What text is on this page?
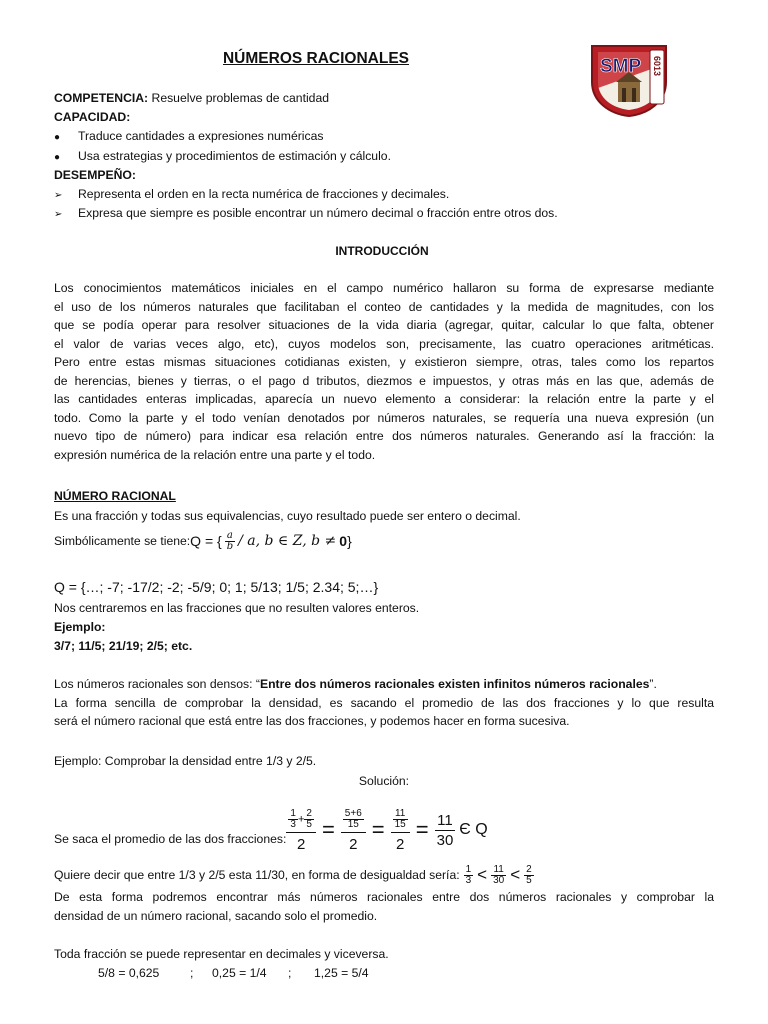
NÚMEROS RACIONALES	SMP 6013
COMPETENCIA: Resuelve problemas de cantidad
CAPACIDAD:
● Traduce cantidades a expresiones numéricas
● Usa estrategias y procedimientos de estimación y cálculo.
DESEMPEÑO:
➢ Representa el orden en la recta numérica de fracciones y decimales.
➢ Expresa que siempre es posible encontrar un número decimal o fracción entre otros dos.
INTRODUCCIÓN
Los conocimientos matemáticos iniciales en el campo numérico hallaron su forma de expresarse mediante
el uso de los números naturales que facilitaban el conteo de cantidades y la medida de magnitudes, con los
que se podía operar para resolver situaciones de la vida diaria (agregar, quitar, calcular lo que falta, obtener
el valor de varias veces algo, etc), cuyos modelos son, precisamente, las cuatro operaciones aritméticas.
Pero entre estas mismas situaciones cotidianas existen, y existieron siempre, otras, tales como los repartos
de herencias, bienes y tierras, o el pago d tributos, diezmos e impuestos, y otras más en las que, además de
las cantidades enteras implicadas, aparecía un nuevo elemento a considerar: la relación entre la parte y el
todo. Como la parte y el todo venían denotados por números naturales, se requería una nueva expresión (un
nuevo tipo de número) para indicar esa relación entre dos números naturales. Generando así la fracción: la
expresión numérica de la relación entre una parte y el todo.
NÚMERO RACIONAL
Es una fracción y todas sus equivalencias, cuyo resultado puede ser entero o decimal.
Simbólicamente se tiene: Q = { $\frac{a}{b}$ / a, b ∈ Z, b ≠ 0 }
Q = {…; -7; -17/2; -2; -5/9; 0; 1; 5/13; 1/5; 2.34; 5;…}
Nos centraremos en las fracciones que no resulten valores enteros.
Ejemplo:
3/7; 11/5; 21/19; 2/5; etc.
Los números racionales son densos: “Entre dos números racionales existen infinitos números racionales”.
La forma sencilla de comprobar la densidad, es sacando el promedio de las dos fracciones y lo que resulta
será el número racional que está entre las dos fracciones, y podemos hacer en forma sucesiva.
Ejemplo: Comprobar la densidad entre 1/3 y 2/5.
Solución:
Se saca el promedio de las dos fracciones: $\frac{\frac{1}{3} + \frac{2}{5}}{2} = \frac{\frac{5+6}{15}}{2} = \frac{\frac{11}{15}}{2} = \frac{11}{30}$ Є Q
Quiere decir que entre 1/3 y 2/5 esta 11/30, en forma de desigualdad sería: $\frac{1}{3} < \frac{11}{30} < \frac{2}{5}$
De esta forma podremos encontrar más números racionales entre dos números racionales y comprobar la
densidad de un número racional, sacando solo el promedio.
Toda fracción se puede representar en decimales y viceversa.
5/8 = 0,625	; 0,25 = 1/4 ; 1,25 = 5/4
